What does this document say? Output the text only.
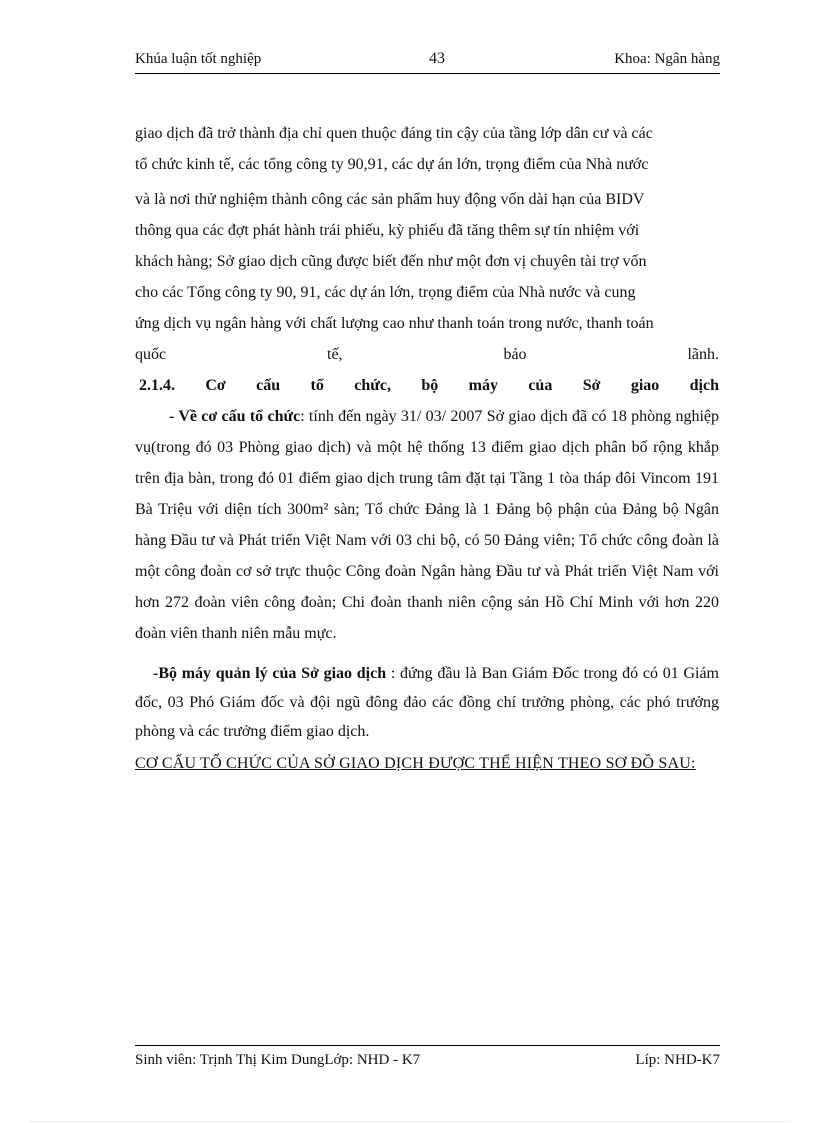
Khúa luận tốt nghiệp	43	Khoa: Ngân hàng
giao dịch đã trở thành địa chỉ quen thuộc đáng tin cậy của tầng lớp dân cư và các
tổ chức kinh tế, các tổng công ty 90,91, các dự án lớn, trọng điểm của Nhà nước
và là nơi thử nghiệm thành công các sản phẩm huy động vốn dài hạn của BIDV
thông qua các đợt phát hành trái phiếu, kỳ phiếu đã tăng thêm sự tín nhiệm với
khách hàng; Sở giao dịch cũng được biết đến như một đơn vị chuyên tài trợ vốn
cho các Tổng công ty 90, 91, các dự án lớn, trọng điểm của Nhà nước và cung
ứng dịch vụ ngân hàng với chất lượng cao như thanh toán trong nước, thanh toán
quốc	tế,	bảo	lãnh.
2.1.4. Cơ cấu tổ chức, bộ máy của Sở giao dịch
- Về cơ cấu tổ chức: tính đến ngày 31/ 03/ 2007 Sở giao dịch đã có 18 phòng nghiệp vụ(trong đó 03 Phòng giao dịch) và một hệ thống 13 điểm giao dịch phân bố rộng khắp trên địa bàn, trong đó 01 điểm giao dịch trung tâm đặt tại Tầng 1 tòa tháp đôi Vincom 191 Bà Triệu với diện tích 300m² sàn; Tổ chức Đảng là 1 Đảng bộ phận của Đảng bộ Ngân hàng Đầu tư và Phát triển Việt Nam với 03 chi bộ, có 50 Đảng viên; Tổ chức công đoàn là một công đoàn cơ sở trực thuộc Công đoàn Ngân hàng Đầu tư và Phát triển Việt Nam với hơn 272 đoàn viên công đoàn; Chi đoàn thanh niên cộng sản Hồ Chí Minh với hơn 220 đoàn viên thanh niên mẫu mực.
-Bộ máy quản lý của Sở giao dịch : đứng đầu là Ban Giám Đốc trong đó có 01 Giám đốc, 03 Phó Giám đốc và đội ngũ đông đảo các đồng chí trưởng phòng, các phó trưởng phòng và các trưởng điểm giao dịch.
CƠ CẤU TỔ CHỨC CỦA SỞ GIAO DỊCH ĐƯỢC THỂ HIỆN THEO SƠ ĐỒ SAU:
Sinh viên: Trịnh Thị Kim DungLớp: NHD - K7	Líp: NHD-K7
